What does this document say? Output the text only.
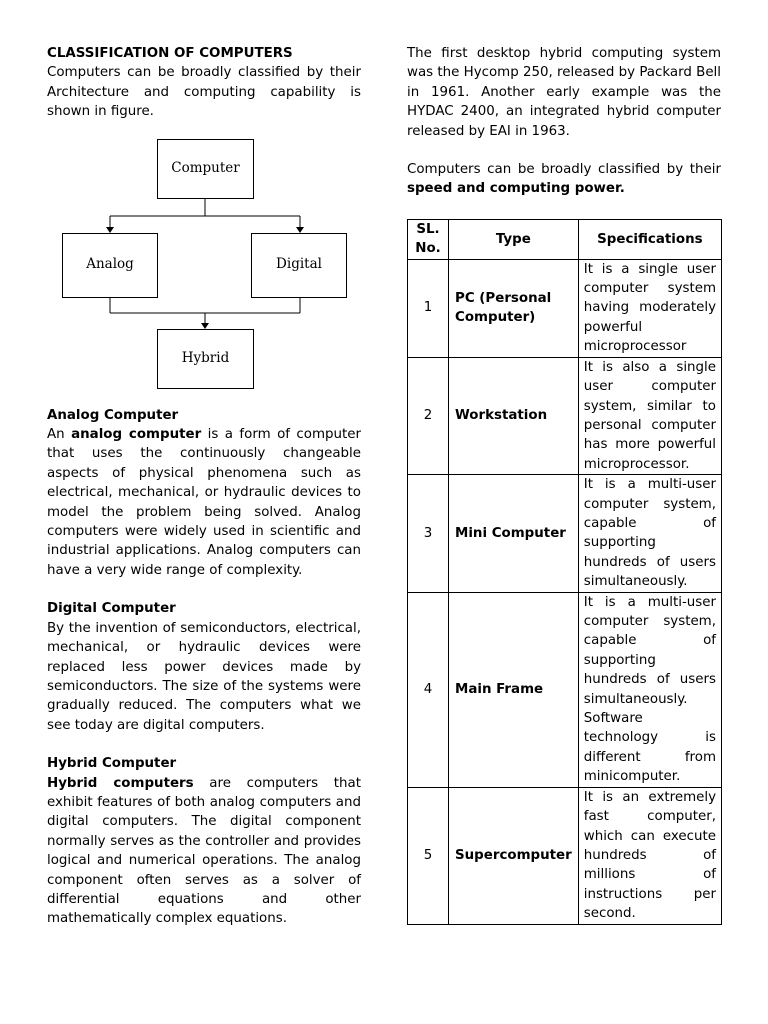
CLASSIFICATION OF COMPUTERS

Computers can be broadly classified by their Architecture and computing capability is shown in figure.

Computer
Analog	Digital
Hybrid

Analog Computer

An analog computer is a form of computer that uses the continuously changeable aspects of physical phenomena such as electrical, mechanical, or hydraulic devices to model the problem being solved. Analog computers were widely used in scientific and industrial applications. Analog computers can have a very wide range of complexity.

Digital Computer

By the invention of semiconductors, electrical, mechanical, or hydraulic devices were replaced less power devices made by semiconductors. The size of the systems were gradually reduced. The computers what we see today are digital computers.

Hybrid Computer

Hybrid computers are computers that exhibit features of both analog computers and digital computers. The digital component normally serves as the controller and provides logical and numerical operations. The analog component often serves as a solver of differential equations and other mathematically complex equations.

The first desktop hybrid computing system was the Hycomp 250, released by Packard Bell in 1961. Another early example was the HYDAC 2400, an integrated hybrid computer released by EAI in 1963.

Computers can be broadly classified by their speed and computing power.

SL. No.	Type	Specifications
1	PC (Personal Computer)	It is a single user computer system having moderately powerful microprocessor
2	Workstation	It is also a single user computer system, similar to personal computer has more powerful microprocessor.
3	Mini Computer	It is a multi-user computer system, capable of supporting hundreds of users simultaneously.
4	Main Frame	It is a multi-user computer system, capable of supporting hundreds of users simultaneously. Software technology is different from minicomputer.
5	Supercomputer	It is an extremely fast computer, which can execute hundreds of millions of instructions per second.
